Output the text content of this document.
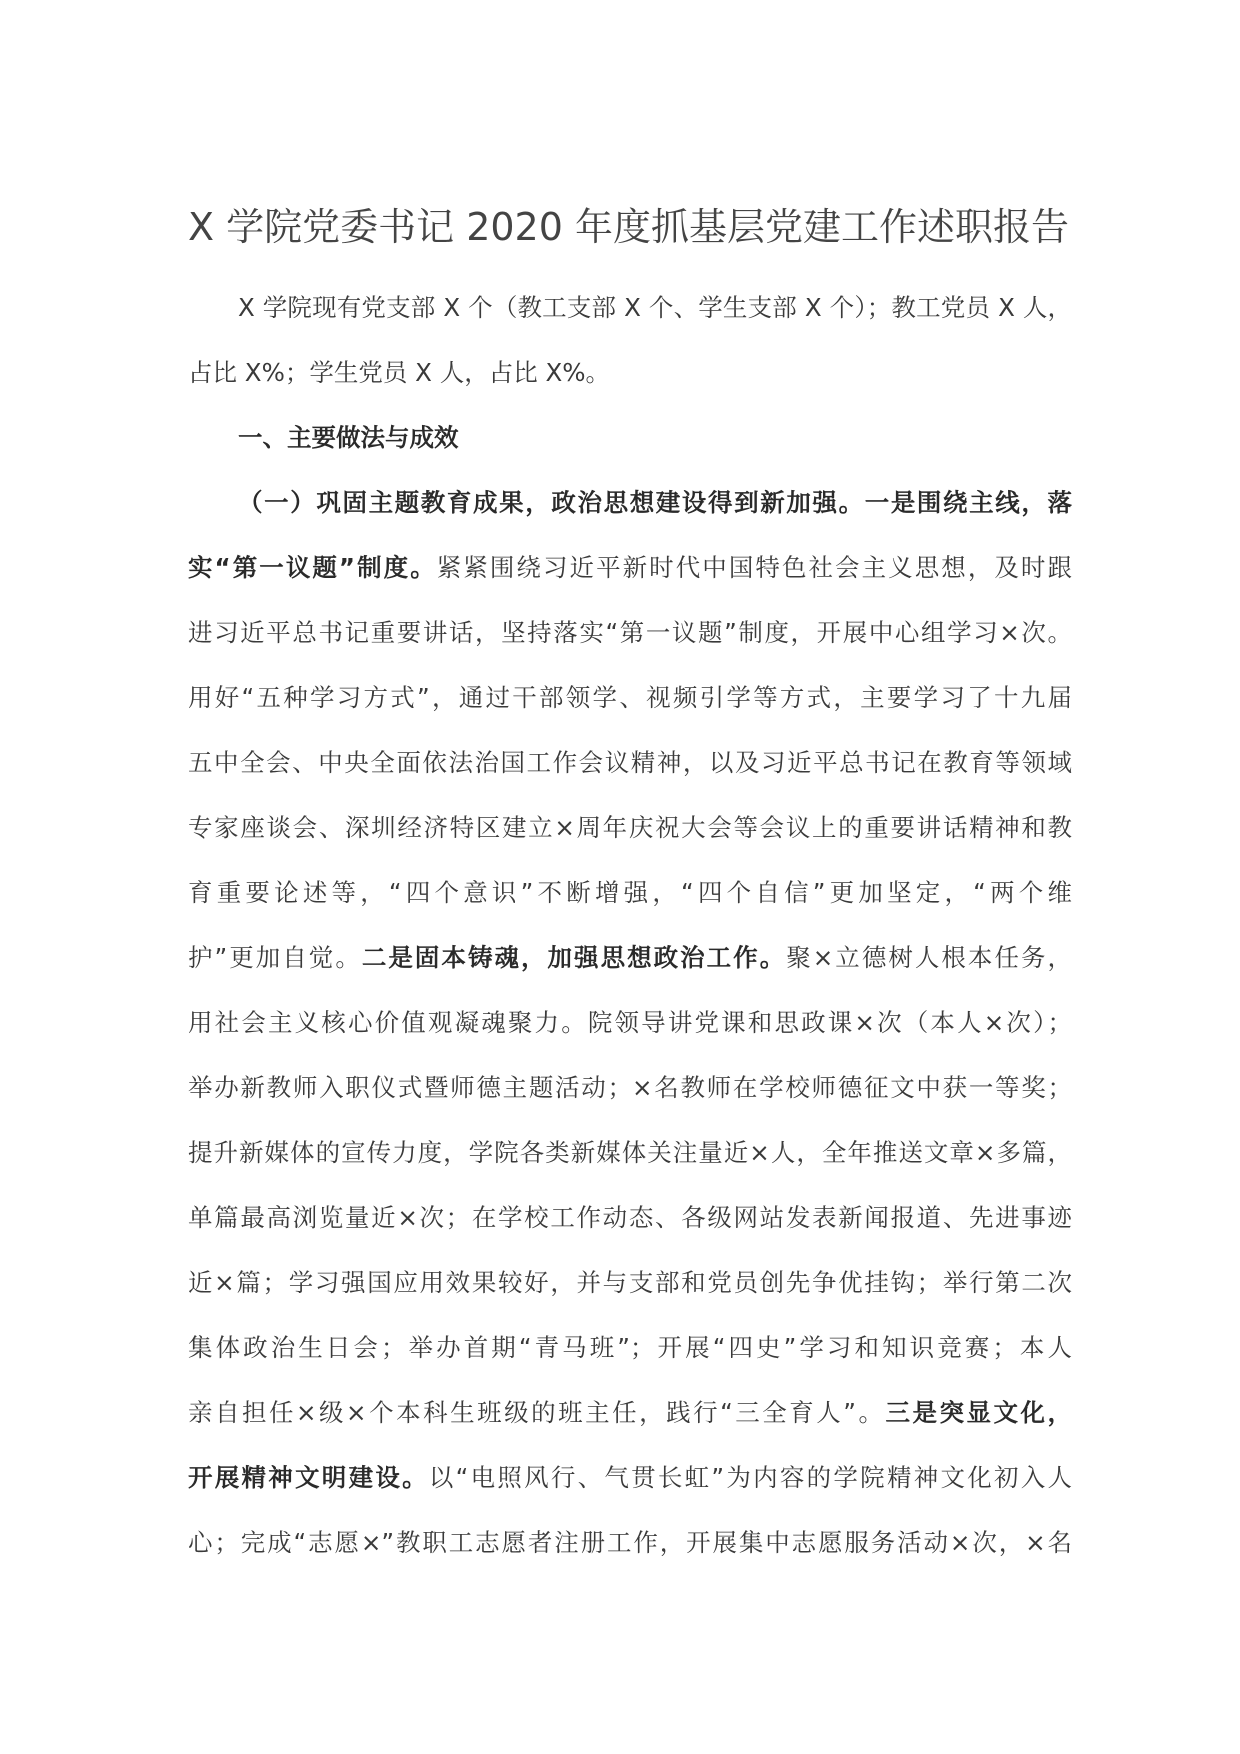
X 学院党委书记 2020 年度抓基层党建工作述职报告
X 学院现有党支部 X 个（教工支部 X 个、学生支部 X 个）；教工党员 X 人，
占比 X%；学生党员 X 人，占比 X%。
一、主要做法与成效
（一）巩固主题教育成果，政治思想建设得到新加强。一是围绕主线，落
实“第一议题”制度。紧紧围绕习近平新时代中国特色社会主义思想，及时跟
进习近平总书记重要讲话，坚持落实“第一议题”制度，开展中心组学习×次。
用好“五种学习方式”，通过干部领学、视频引学等方式，主要学习了十九届
五中全会、中央全面依法治国工作会议精神，以及习近平总书记在教育等领域
专家座谈会、深圳经济特区建立×周年庆祝大会等会议上的重要讲话精神和教
育重要论述等，“四个意识”不断增强，“四个自信”更加坚定，“两个维
护”更加自觉。二是固本铸魂，加强思想政治工作。聚×立德树人根本任务，
用社会主义核心价值观凝魂聚力。院领导讲党课和思政课×次（本人×次）；
举办新教师入职仪式暨师德主题活动；×名教师在学校师德征文中获一等奖；
提升新媒体的宣传力度，学院各类新媒体关注量近×人，全年推送文章×多篇，
单篇最高浏览量近×次；在学校工作动态、各级网站发表新闻报道、先进事迹
近×篇；学习强国应用效果较好，并与支部和党员创先争优挂钩；举行第二次
集体政治生日会；举办首期“青马班”；开展“四史”学习和知识竞赛；本人
亲自担任×级×个本科生班级的班主任，践行“三全育人”。三是突显文化，
开展精神文明建设。以“电照风行、气贯长虹”为内容的学院精神文化初入人
心；完成“志愿×”教职工志愿者注册工作，开展集中志愿服务活动×次，×名
